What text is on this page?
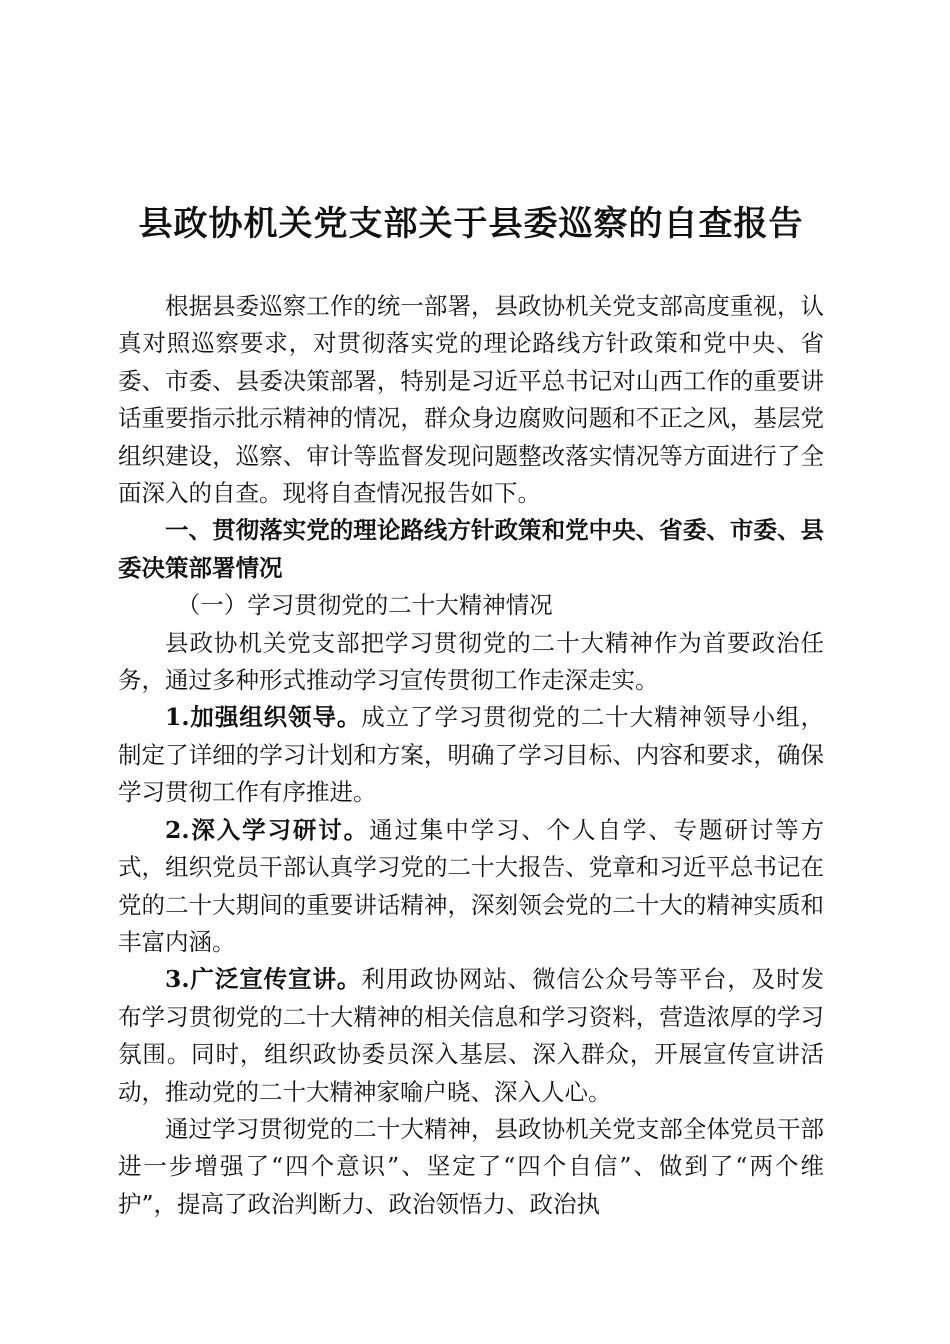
县政协机关党支部关于县委巡察的自查报告

根据县委巡察工作的统一部署，县政协机关党支部高度重视，认真对照巡察要求，对贯彻落实党的理论路线方针政策和党中央、省委、市委、县委决策部署，特别是习近平总书记对山西工作的重要讲话重要指示批示精神的情况，群众身边腐败问题和不正之风，基层党组织建设，巡察、审计等监督发现问题整改落实情况等方面进行了全面深入的自查。现将自查情况报告如下。

一、贯彻落实党的理论路线方针政策和党中央、省委、市委、县委决策部署情况

（一）学习贯彻党的二十大精神情况

县政协机关党支部把学习贯彻党的二十大精神作为首要政治任务，通过多种形式推动学习宣传贯彻工作走深走实。

1.加强组织领导。成立了学习贯彻党的二十大精神领导小组，制定了详细的学习计划和方案，明确了学习目标、内容和要求，确保学习贯彻工作有序推进。

2.深入学习研讨。通过集中学习、个人自学、专题研讨等方式，组织党员干部认真学习党的二十大报告、党章和习近平总书记在党的二十大期间的重要讲话精神，深刻领会党的二十大的精神实质和丰富内涵。

3.广泛宣传宣讲。利用政协网站、微信公众号等平台，及时发布学习贯彻党的二十大精神的相关信息和学习资料，营造浓厚的学习氛围。同时，组织政协委员深入基层、深入群众，开展宣传宣讲活动，推动党的二十大精神家喻户晓、深入人心。

通过学习贯彻党的二十大精神，县政协机关党支部全体党员干部进一步增强了“四个意识”、坚定了“四个自信”、做到了“两个维护”，提高了政治判断力、政治领悟力、政治执
